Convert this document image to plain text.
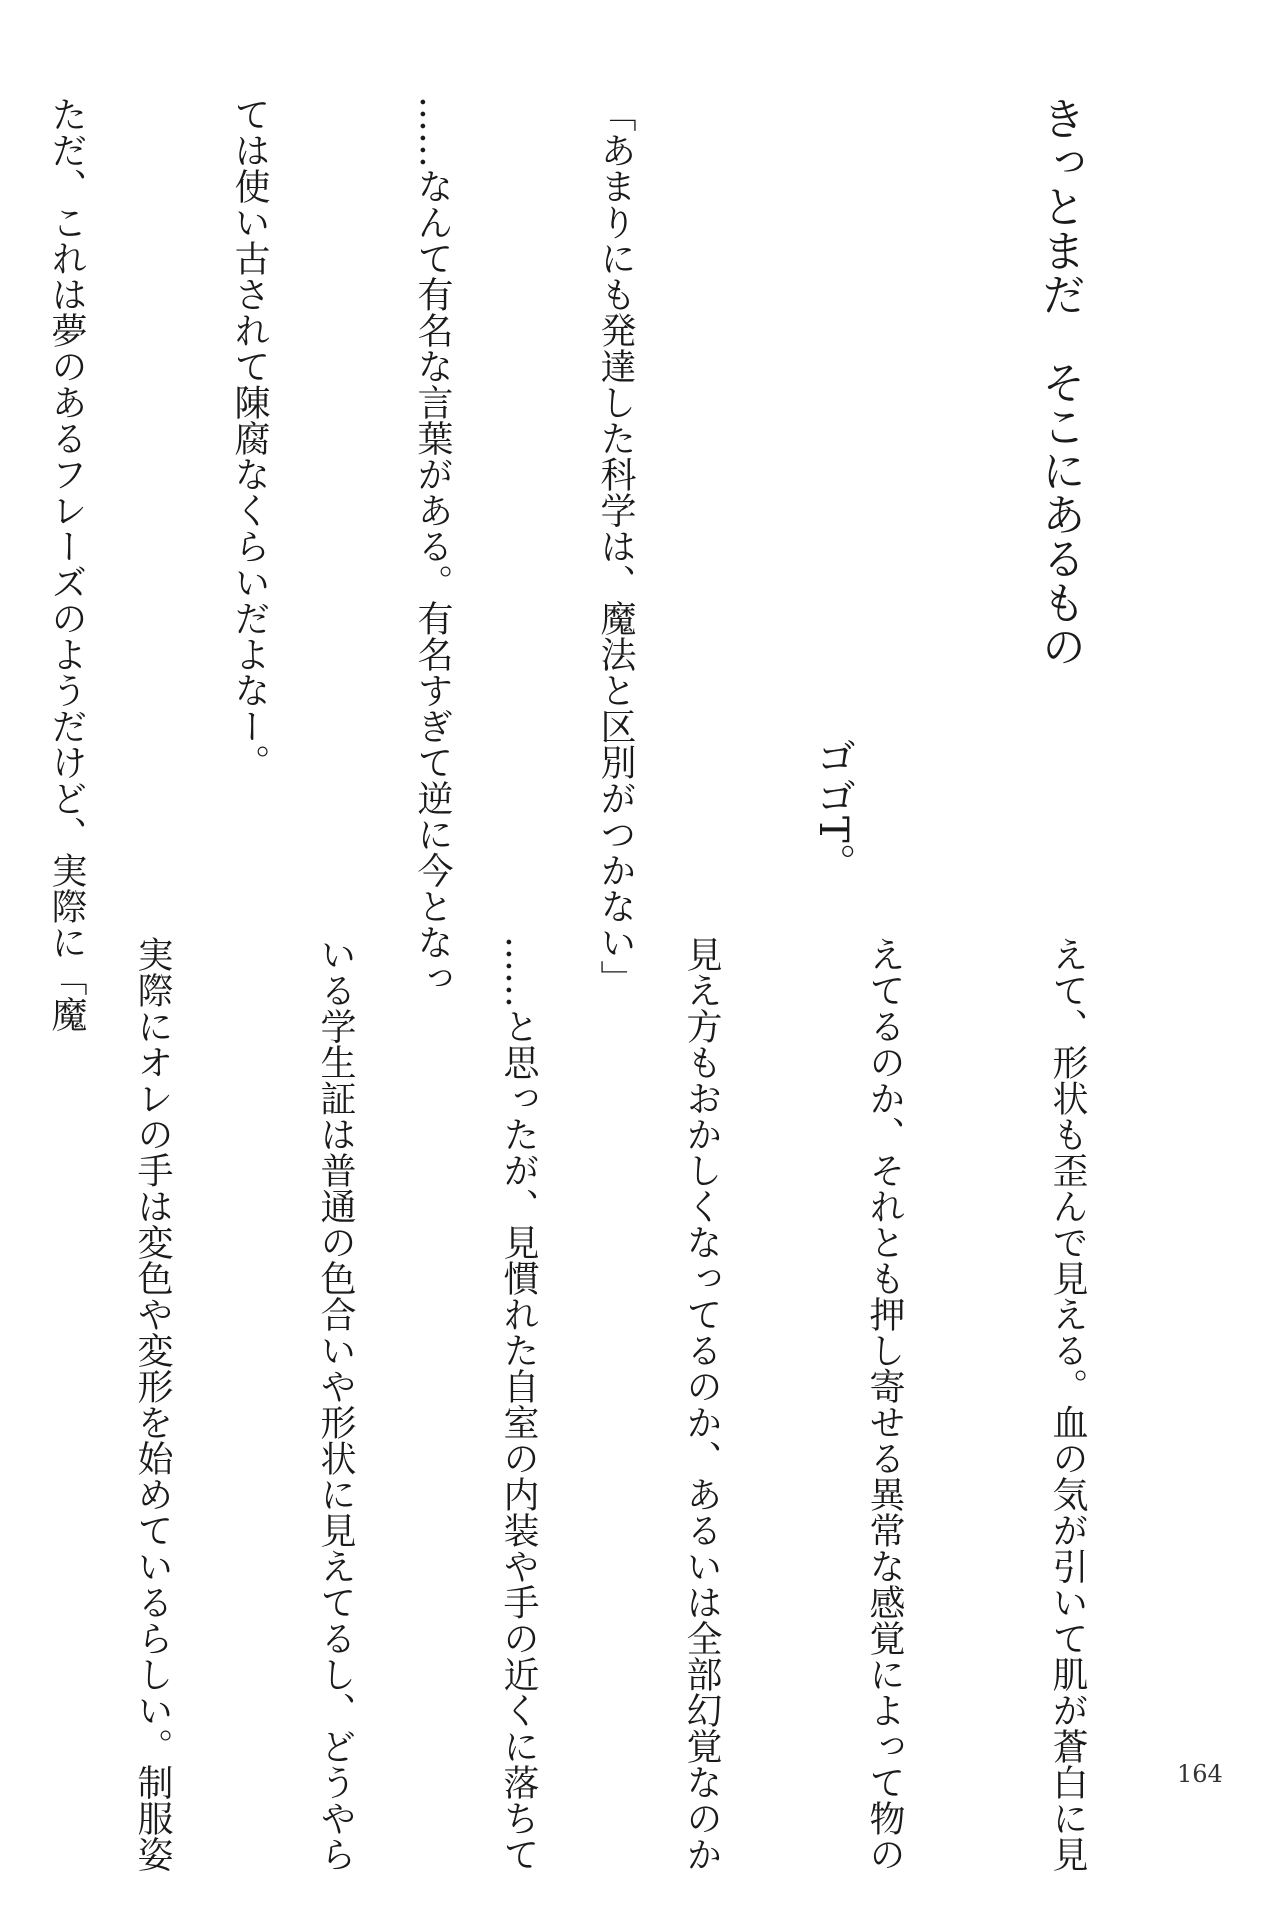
きっとまだ　そこにあるもの

ゴゴT。

「あまりにも発達した科学は、魔法と区別がつかない」

……なんて有名な言葉がある。有名すぎて逆に今となっ

ては使い古されて陳腐なくらいだよなー。

ただ、これは夢のあるフレーズのようだけど、実際に「魔

えて、形状も歪んで見える。血の気が引いて肌が蒼白に見

えてるのか、それとも押し寄せる異常な感覚によって物の

見え方もおかしくなってるのか、あるいは全部幻覚なのか

……と思ったが、見慣れた自室の内装や手の近くに落ちて

いる学生証は普通の色合いや形状に見えてるし、どうやら

実際にオレの手は変色や変形を始めているらしい。制服姿

	164
